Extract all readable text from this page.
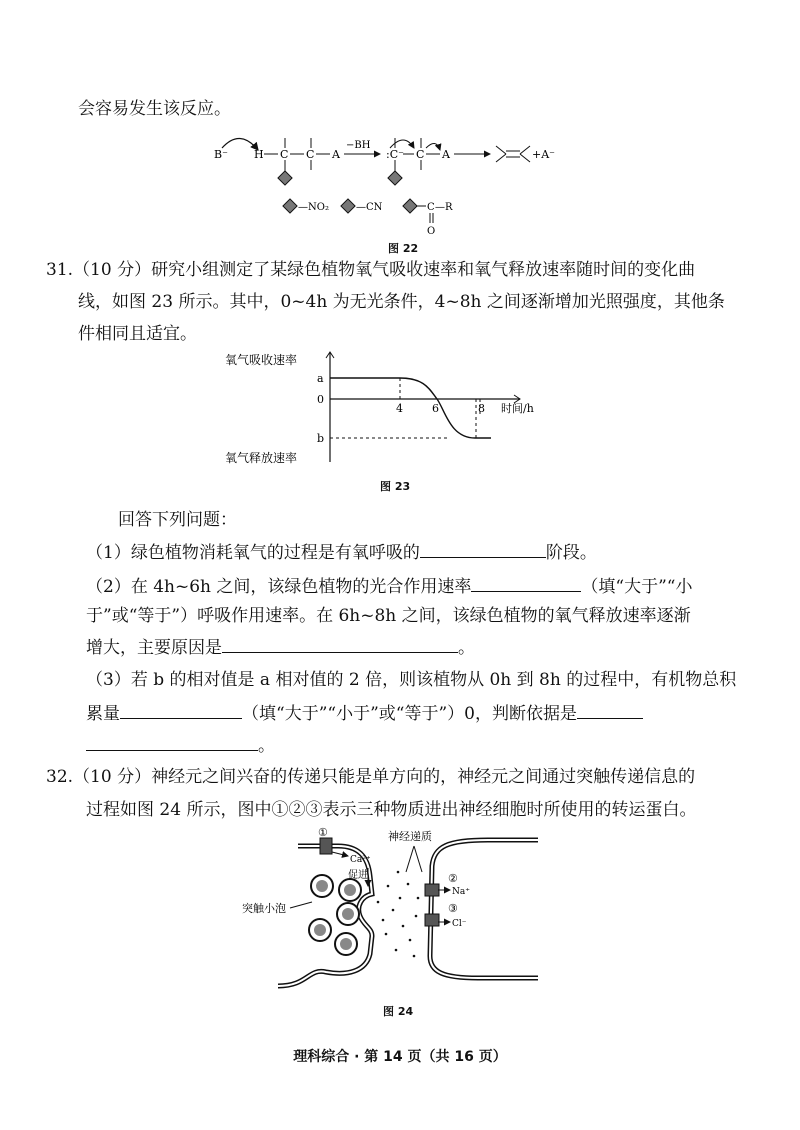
会容易发生该反应。
B⁻ H C C A
−BH
:C⁻ C A	+A⁻
—NO₂	—CN	C —R
O
图 22
31.（10 分）研究小组测定了某绿色植物氧气吸收速率和氧气释放速率随时间的变化曲
线，如图 23 所示。其中，0~4h 为无光条件，4~8h 之间逐渐增加光照强度，其他条
件相同且适宜。
氧气吸收速率
氧气释放速率
a
0
b
4	6	8 时间/h
图 23
回答下列问题：
（1）绿色植物消耗氧气的过程是有氧呼吸的	阶段。
（2）在 4h~6h 之间，该绿色植物的光合作用速率	（填“大于”“小
于”或“等于”）呼吸作用速率。在 6h~8h 之间，该绿色植物的氧气释放速率逐渐
增大，主要原因是	。
（3）若 b 的相对值是 a 相对值的 2 倍，则该植物从 0h 到 8h 的过程中，有机物总积
累量	（填“大于”“小于”或“等于”）0，判断依据是
。
32.（10 分）神经元之间兴奋的传递只能是单方向的，神经元之间通过突触传递信息的
过程如图 24 所示，图中①②③表示三种物质进出神经细胞时所使用的转运蛋白。
①
Ca²⁺
促进	②
Na⁺
③
Cl⁻
神经递质
突触小泡
图 24
理科综合 · 第 14 页（共 16 页）
